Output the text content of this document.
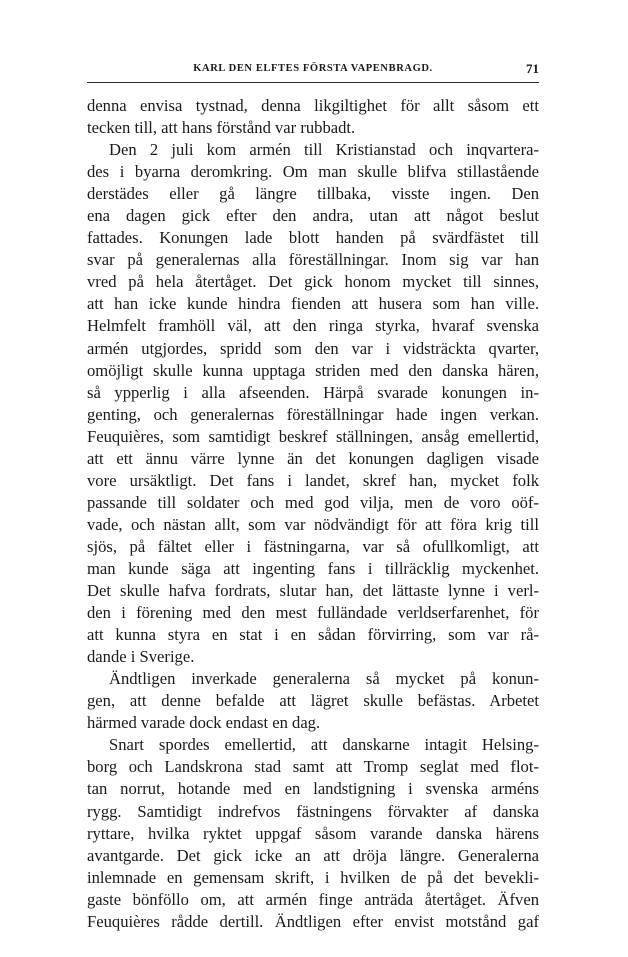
KARL DEN ELFTES FÖRSTA VAPENBRAGD.	71
denna envisa tystnad, denna likgiltighet för allt såsom ett
tecken till, att hans förstånd var rubbadt.
Den 2 juli kom armén till Kristianstad och inqvartera-
des i byarna deromkring. Om man skulle blifva stillastående
derstädes eller gå längre tillbaka, visste ingen. Den
ena dagen gick efter den andra, utan att något beslut
fattades. Konungen lade blott handen på svärdfästet till
svar på generalernas alla föreställningar. Inom sig var han
vred på hela återtåget. Det gick honom mycket till sinnes,
att han icke kunde hindra fienden att husera som han ville.
Helmfelt framhöll väl, att den ringa styrka, hvaraf svenska
armén utgjordes, spridd som den var i vidsträckta qvarter,
omöjligt skulle kunna upptaga striden med den danska hären,
så ypperlig i alla afseenden. Härpå svarade konungen in-
genting, och generalernas föreställningar hade ingen verkan.
Feuquières, som samtidigt beskref ställningen, ansåg emellertid,
att ett ännu värre lynne än det konungen dagligen visade
vore ursäktligt. Det fans i landet, skref han, mycket folk
passande till soldater och med god vilja, men de voro oöf-
vade, och nästan allt, som var nödvändigt för att föra krig till
sjös, på fältet eller i fästningarna, var så ofullkomligt, att
man kunde säga att ingenting fans i tillräcklig myckenhet.
Det skulle hafva fordrats, slutar han, det lättaste lynne i verl-
den i förening med den mest fulländade verldserfarenhet, för
att kunna styra en stat i en sådan förvirring, som var rå-
dande i Sverige.
Ändtligen inverkade generalerna så mycket på konun-
gen, att denne befalde att lägret skulle befästas. Arbetet
härmed varade dock endast en dag.
Snart spordes emellertid, att danskarne intagit Helsing-
borg och Landskrona stad samt att Tromp seglat med flot-
tan norrut, hotande med en landstigning i svenska arméns
rygg. Samtidigt indrefvos fästningens förvakter af danska
ryttare, hvilka ryktet uppgaf såsom varande danska härens
avantgarde. Det gick icke an att dröja längre. Generalerna
inlemnade en gemensam skrift, i hvilken de på det bevekli-
gaste bönföllo om, att armén finge anträda återtåget. Äfven
Feuquières rådde dertill. Ändtligen efter envist motstånd gaf
